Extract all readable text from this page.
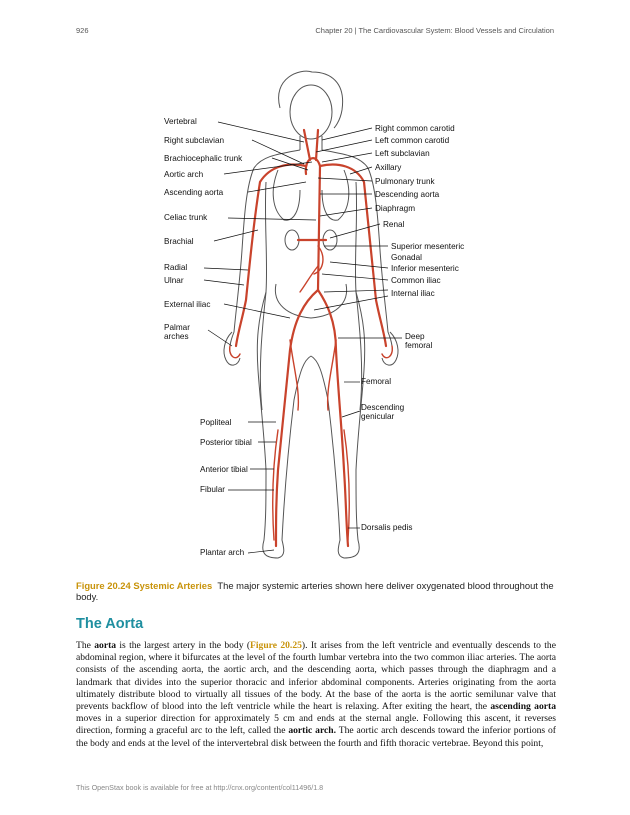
926	Chapter 20 | The Cardiovascular System: Blood Vessels and Circulation
Vertebral
Right subclavian
Brachiocephalic trunk
Aortic arch
Ascending aorta
Celiac trunk
Brachial
Radial
Ulnar
External iliac
Palmar arches
Popliteal
Posterior tibial
Anterior tibial
Fibular
Plantar arch
Right common carotid
Left common carotid
Left subclavian
Axillary
Pulmonary trunk
Descending aorta
Diaphragm
Renal
Superior mesenteric
Gonadal
Inferior mesenteric
Common iliac
Internal iliac
Deep femoral
Femoral
Descending genicular
Dorsalis pedis
Figure 20.24 Systemic Arteries The major systemic arteries shown here deliver oxygenated blood throughout the body.
The Aorta
The aorta is the largest artery in the body (Figure 20.25). It arises from the left ventricle and eventually descends to the abdominal region, where it bifurcates at the level of the fourth lumbar vertebra into the two common iliac arteries. The aorta consists of the ascending aorta, the aortic arch, and the descending aorta, which passes through the diaphragm and a landmark that divides into the superior thoracic and inferior abdominal components. Arteries originating from the aorta ultimately distribute blood to virtually all tissues of the body. At the base of the aorta is the aortic semilunar valve that prevents backflow of blood into the left ventricle while the heart is relaxing. After exiting the heart, the ascending aorta moves in a superior direction for approximately 5 cm and ends at the sternal angle. Following this ascent, it reverses direction, forming a graceful arc to the left, called the aortic arch. The aortic arch descends toward the inferior portions of the body and ends at the level of the intervertebral disk between the fourth and fifth thoracic vertebrae. Beyond this point,
This OpenStax book is available for free at http://cnx.org/content/col11496/1.8
